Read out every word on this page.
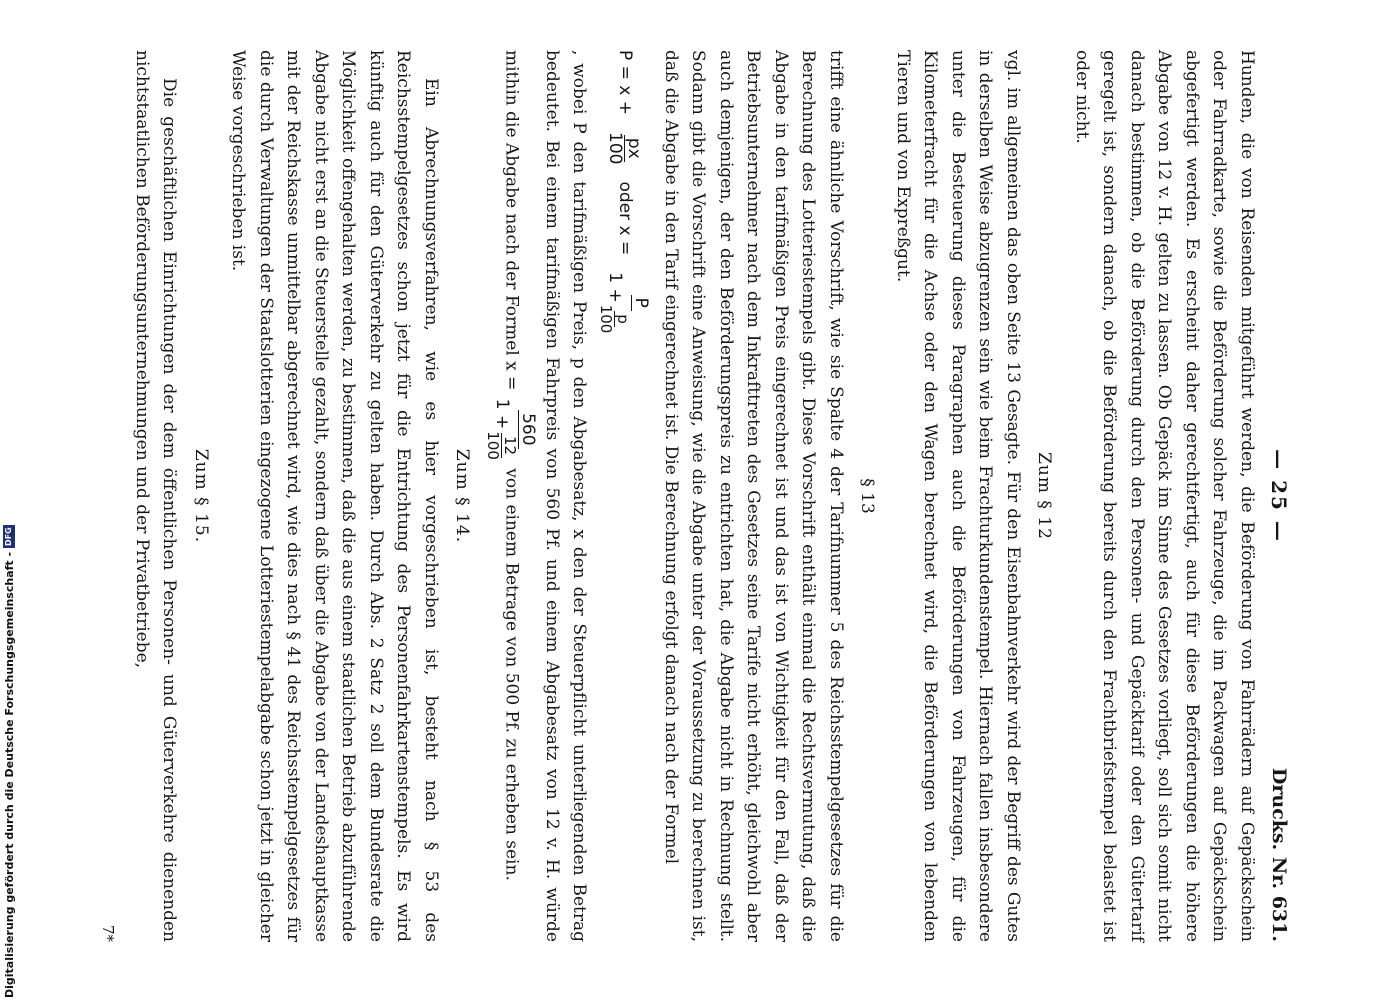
— 25 —
Drucks. Nr. 631.

Hunden, die von Reisenden mitgeführt werden, die Beförderung von Fahrrädern auf Gepäckschein oder Fahrradkarte, sowie die Beförderung solcher Fahrzeuge, die im Packwagen auf Gepäckschein abgefertigt werden. Es erscheint daher gerechtfertigt, auch für diese Beförderungen die höhere Abgabe von 12 v. H. gelten zu lassen. Ob Gepäck im Sinne des Gesetzes vorliegt, soll sich somit nicht danach bestimmen, ob die Beförderung durch den Personen- und Gepäcktarif oder den Gütertarif geregelt ist, sondern danach, ob die Beförderung bereits durch den Frachtbriefstempel belastet ist oder nicht.

Zum § 12

vgl. im allgemeinen das oben Seite 13 Gesagte. Für den Eisenbahnverkehr wird der Begriff des Gutes in derselben Weise abzugrenzen sein wie beim Frachturkundenstempel. Hiernach fallen insbesondere unter die Besteuerung dieses Paragraphen auch die Beförderungen von Fahrzeugen, für die Kilometerfracht für die Achse oder den Wagen berechnet wird, die Beförderungen von lebenden Tieren und von Expreßgut.

§ 13

trifft eine ähnliche Vorschrift, wie sie Spalte 4 der Tarifnummer 5 des Reichsstempelgesetzes für die Berechnung des Lotteriestempels gibt. Diese Vorschrift enthält einmal die Rechtsvermutung, daß die Abgabe in den tarifmäßigen Preis eingerechnet ist und das ist von Wichtigkeit für den Fall, daß der Betriebsunternehmer nach dem Inkrafttreten des Gesetzes seine Tarife nicht erhöht, gleichwohl aber auch demjenigen, der den Beförderungspreis zu entrichten hat, die Abgabe nicht in Rechnung stellt. Sodann gibt die Vorschrift eine Anweisung, wie die Abgabe unter der Voraussetzung zu berechnen ist, daß die Abgabe in den Tarif eingerechnet ist. Die Berechnung erfolgt danach nach der Formel

P = x +
px
100
oder x =
P
1 +
p
100

, wobei P den tarifmäßigen Preis, p den Abgabesatz, x den der Steuerpflicht unterliegenden Betrag bedeutet. Bei einem tarifmäßigen Fahrpreis von 560 Pf. und einem Abgabesatz von 12 v. H. würde mithin die Abgabe nach der Formel x =
560
1 +
12
100
von einem Betrage von 500 Pf. zu erheben sein.

Zum § 14.

Ein Abrechnungsverfahren, wie es hier vorgeschrieben ist, besteht nach § 53 des Reichsstempelgesetzes schon jetzt für die Entrichtung des Personenfahrkartenstempels. Es wird künftig auch für den Güterverkehr zu gelten haben. Durch Abs. 2 Satz 2 soll dem Bundesrate die Möglichkeit offengehalten werden, zu bestimmen, daß die aus einem staatlichen Betrieb abzuführende Abgabe nicht erst an die Steuerstelle gezahlt, sondern daß über die Abgabe von der Landeshauptkasse mit der Reichskasse unmittelbar abgerechnet wird, wie dies nach § 41 des Reichsstempelgesetzes für die durch Verwaltungen der Staatslotterien eingezogene Lotteriestempelabgabe schon jetzt in gleicher Weise vorgeschrieben ist.

Zum § 15.

Die geschäftlichen Einrichtungen der dem öffentlichen Personen- und Güterverkehre dienenden nichtstaatlichen Beförderungsunternehmungen und der Privatbetriebe,

7*
Digitalisierung gefördert durch die Deutsche Forschungsgemeinschaft -
DFG
